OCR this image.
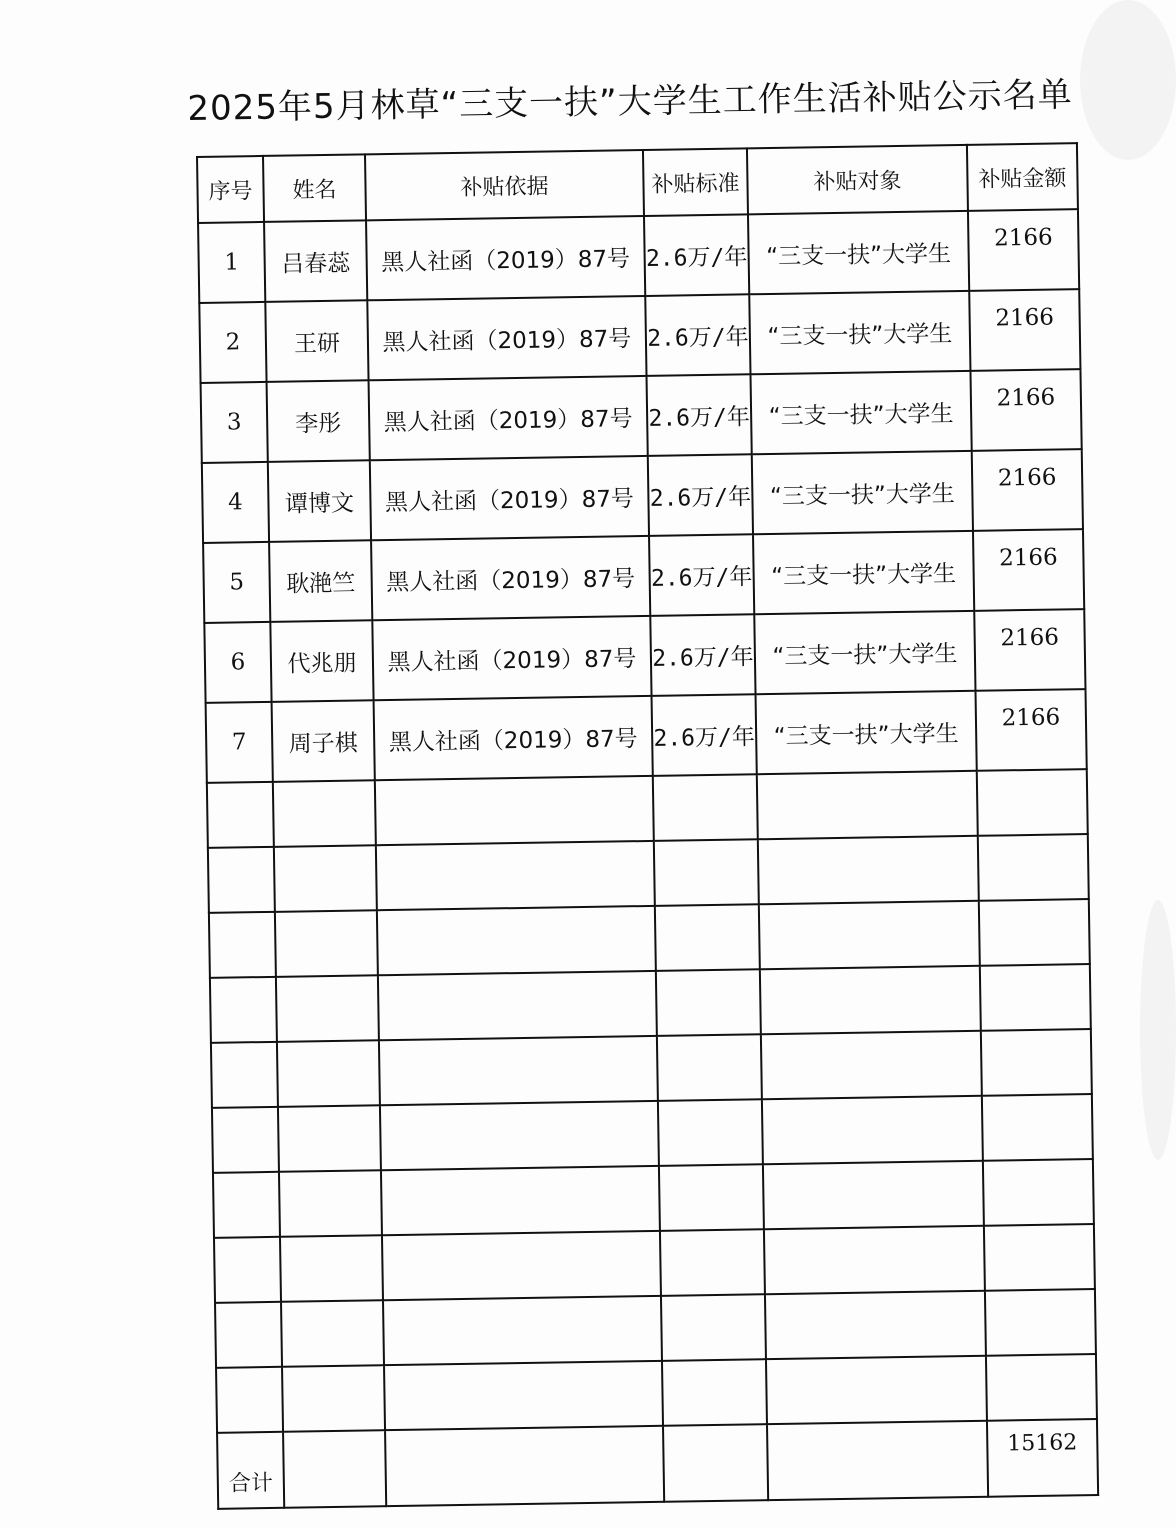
2025年5月林草“三支一扶”大学生工作生活补贴公示名单
序号	姓名	补贴依据	补贴标准	补贴对象	补贴金额
1	吕春蕊	黑人社函（2019）87号	2.6万/年	“三支一扶”大学生	2166
2	王研	黑人社函（2019）87号	2.6万/年	“三支一扶”大学生	2166
3	李彤	黑人社函（2019）87号	2.6万/年	“三支一扶”大学生	2166
4	谭博文	黑人社函（2019）87号	2.6万/年	“三支一扶”大学生	2166
5	耿滟竺	黑人社函（2019）87号	2.6万/年	“三支一扶”大学生	2166
6	代兆朋	黑人社函（2019）87号	2.6万/年	“三支一扶”大学生	2166
7	周子棋	黑人社函（2019）87号	2.6万/年	“三支一扶”大学生	2166

合计					15162
